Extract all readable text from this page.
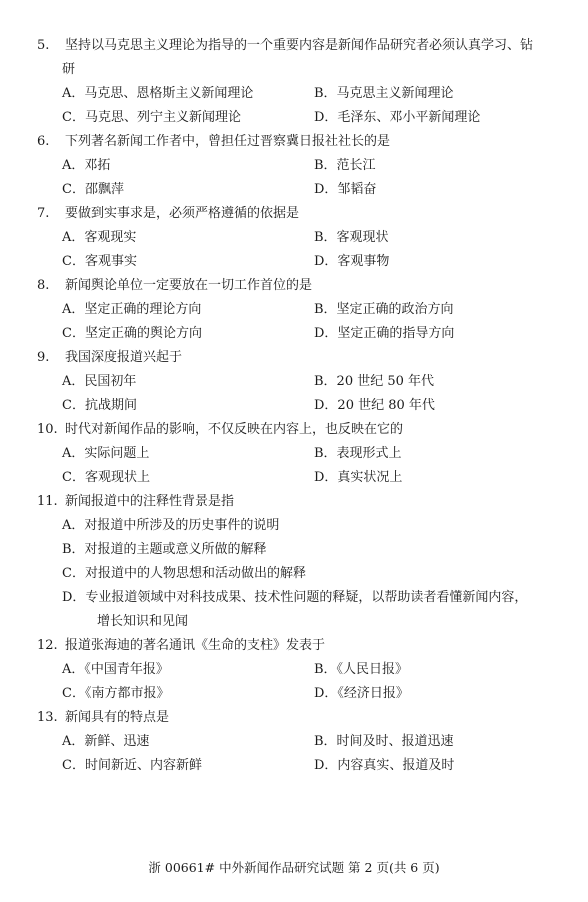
5. 坚持以马克思主义理论为指导的一个重要内容是新闻作品研究者必须认真学习、钻
研
A．马克思、恩格斯主义新闻理论	B．马克思主义新闻理论
C．马克思、列宁主义新闻理论	D．毛泽东、邓小平新闻理论
6. 下列著名新闻工作者中，曾担任过晋察冀日报社社长的是
A．邓拓	B．范长江
C．邵飘萍	D．邹韬奋
7. 要做到实事求是，必须严格遵循的依据是
A．客观现实	B．客观现状
C．客观事实	D．客观事物
8. 新闻舆论单位一定要放在一切工作首位的是
A．坚定正确的理论方向	B．坚定正确的政治方向
C．坚定正确的舆论方向	D．坚定正确的指导方向
9. 我国深度报道兴起于
A．民国初年	B．20 世纪 50 年代
C．抗战期间	D．20 世纪 80 年代
10. 时代对新闻作品的影响，不仅反映在内容上，也反映在它的
A．实际问题上	B．表现形式上
C．客观现状上	D．真实状况上
11. 新闻报道中的注释性背景是指
A．对报道中所涉及的历史事件的说明
B．对报道的主题或意义所做的解释
C．对报道中的人物思想和活动做出的解释
D．专业报道领域中对科技成果、技术性问题的释疑，以帮助读者看懂新闻内容，
增长知识和见闻
12. 报道张海迪的著名通讯《生命的支柱》发表于
A．《中国青年报》	B．《人民日报》
C．《南方都市报》	D．《经济日报》
13. 新闻具有的特点是
A．新鲜、迅速	B．时间及时、报道迅速
C．时间新近、内容新鲜	D．内容真实、报道及时
浙 00661# 中外新闻作品研究试题 第 2 页(共 6 页)
